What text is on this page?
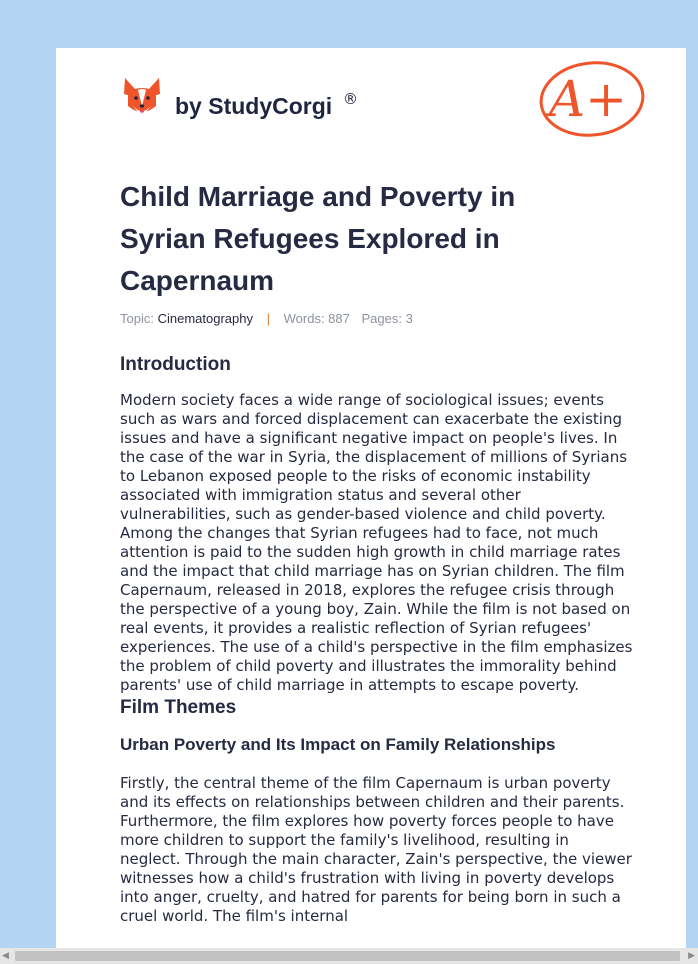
by StudyCorgi ®	A+
Child Marriage and Poverty in Syrian Refugees Explored in Capernaum
Topic: Cinematography | Words: 887 Pages: 3
Introduction

Modern society faces a wide range of sociological issues; events such as wars and forced displacement can exacerbate the existing issues and have a significant negative impact on people's lives. In the case of the war in Syria, the displacement of millions of Syrians to Lebanon exposed people to the risks of economic instability associated with immigration status and several other vulnerabilities, such as gender-based violence and child poverty. Among the changes that Syrian refugees had to face, not much attention is paid to the sudden high growth in child marriage rates and the impact that child marriage has on Syrian children. The film Capernaum, released in 2018, explores the refugee crisis through the perspective of a young boy, Zain. While the film is not based on real events, it provides a realistic reflection of Syrian refugees' experiences. The use of a child's perspective in the film emphasizes the problem of child poverty and illustrates the immorality behind parents' use of child marriage in attempts to escape poverty.

Film Themes
Urban Poverty and Its Impact on Family Relationships

Firstly, the central theme of the film Capernaum is urban poverty and its effects on relationships between children and their parents. Furthermore, the film explores how poverty forces people to have more children to support the family's livelihood, resulting in neglect. Through the main character, Zain's perspective, the viewer witnesses how a child's frustration with living in poverty develops into anger, cruelty, and hatred for parents for being born in such a cruel world. The film's internal

◀	▶
